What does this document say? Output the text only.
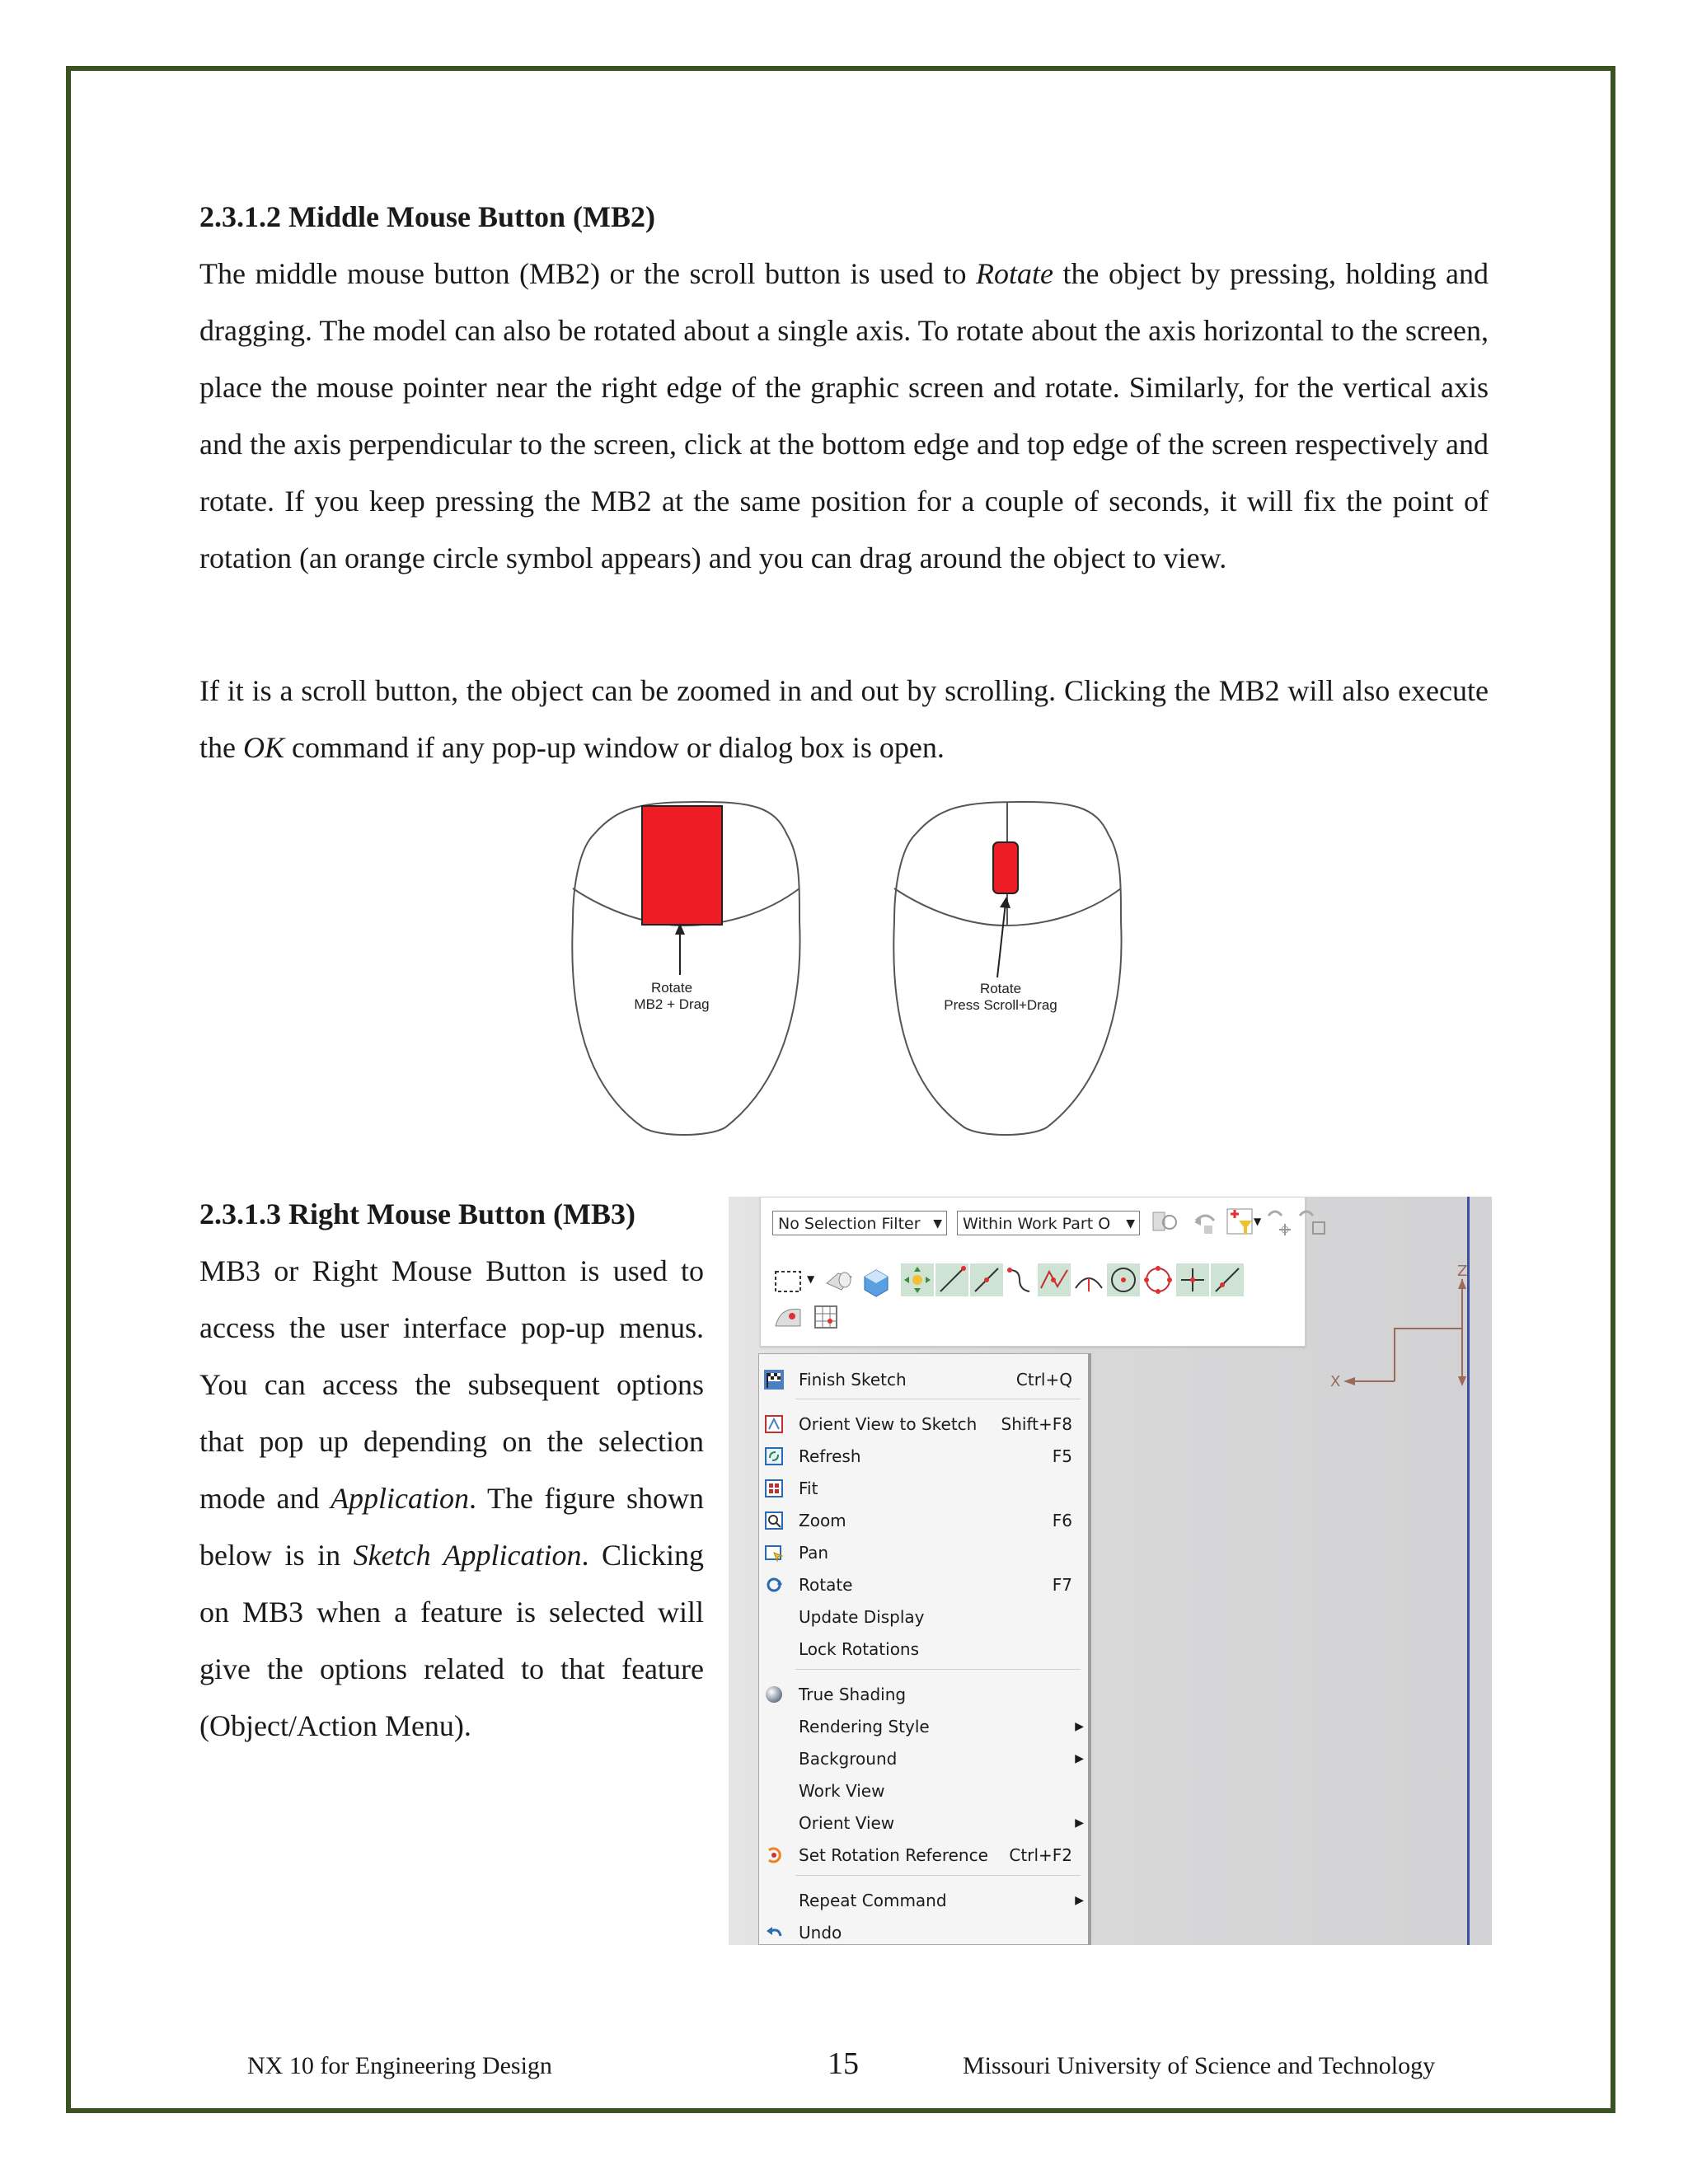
2.3.1.2 Middle Mouse Button (MB2)

The middle mouse button (MB2) or the scroll button is used to Rotate the object by pressing, holding and dragging. The model can also be rotated about a single axis. To rotate about the axis horizontal to the screen, place the mouse pointer near the right edge of the graphic screen and rotate. Similarly, for the vertical axis and the axis perpendicular to the screen, click at the bottom edge and top edge of the screen respectively and rotate. If you keep pressing the MB2 at the same position for a couple of seconds, it will fix the point of rotation (an orange circle symbol appears) and you can drag around the object to view.

If it is a scroll button, the object can be zoomed in and out by scrolling. Clicking the MB2 will also execute the OK command if any pop-up window or dialog box is open.

Rotate
MB2 + Drag
Rotate
Press Scroll+Drag
2.3.1.3 Right Mouse Button (MB3)

MB3 or Right Mouse Button is used to access the user interface pop-up menus. You can access the subsequent options that pop up depending on the selection mode and Application. The figure shown below is in Sketch Application. Clicking on MB3 when a feature is selected will give the options related to that feature (Object/Action Menu).

X
Z
No Selection Filter ▼	Within Work Part O ▼	▼
▼
Finish Sketch	Ctrl+Q
Orient View to Sketch Shift+F8
Refresh	F5
Fit
Zoom	F6
Pan
Rotate	F7
Update Display
Lock Rotations
True Shading
Rendering Style	▶
Background	▶
Work View
Orient View	▶
Set Rotation Reference Ctrl+F2
Repeat Command	▶
Undo
NX 10 for Engineering Design	15	Missouri University of Science and Technology
